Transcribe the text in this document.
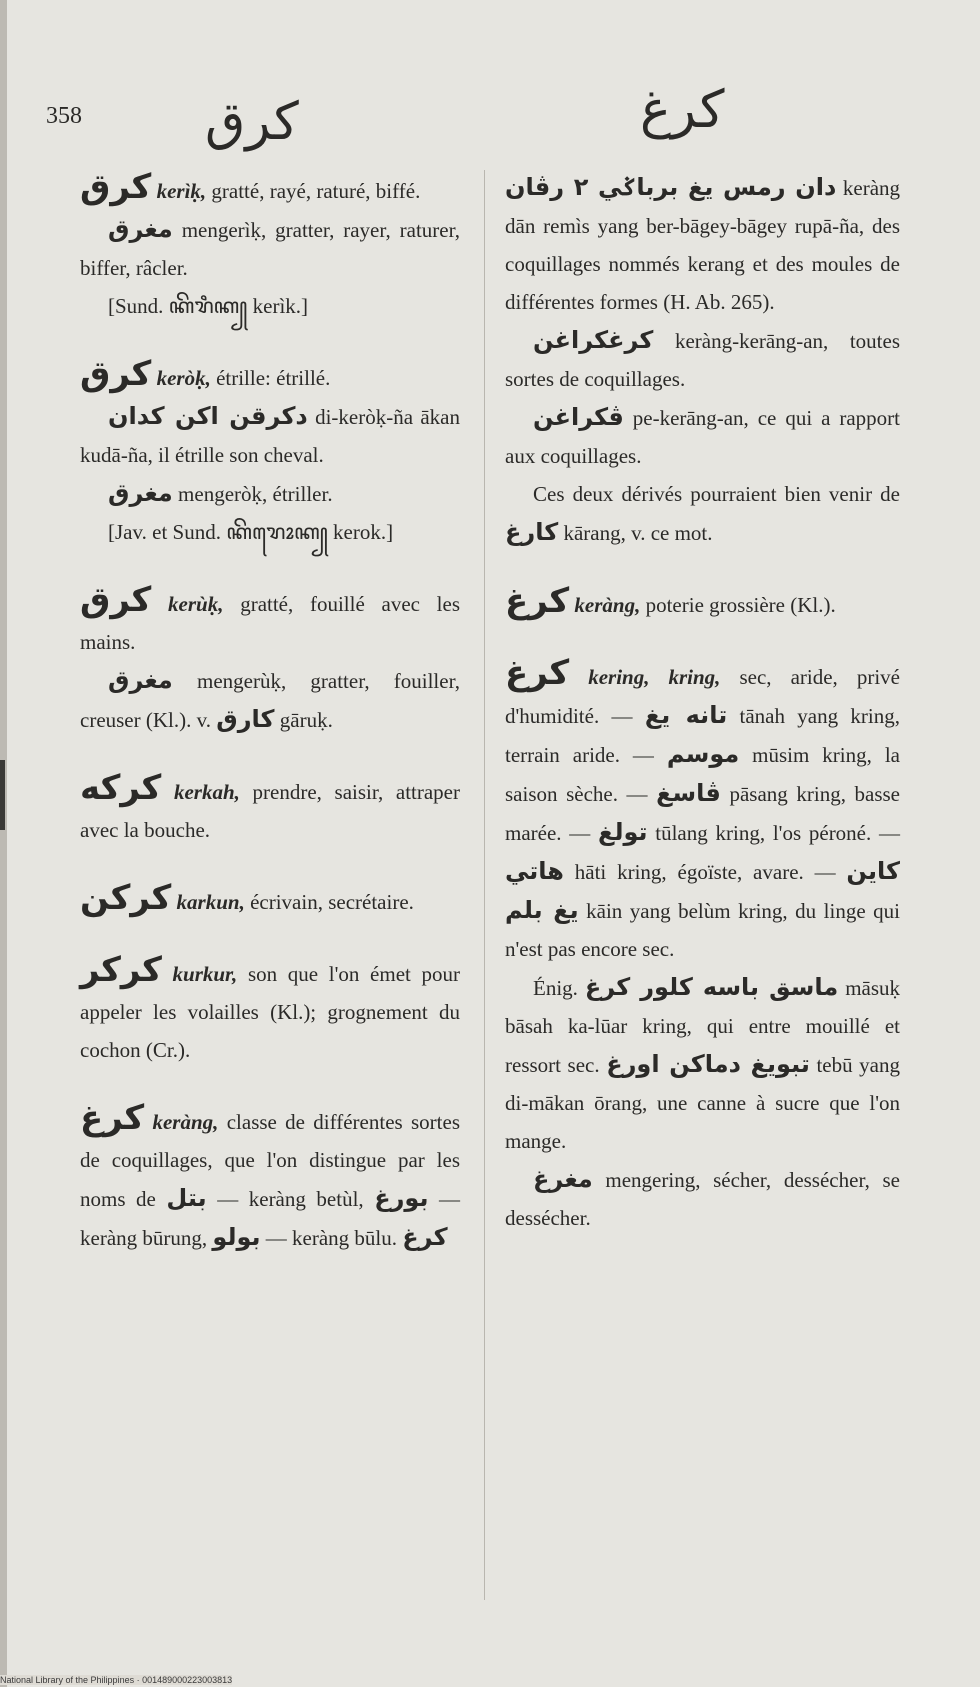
358 كرق	كرغ

كرق kerìḳ, gratté, rayé, raturé, biffé.

مغرق mengerìḳ, gratter, rayer, raturer, biffer, râcler.

[Sund. ꦏꦼꦫꦶꦏ꧀ kerìk.]

كرق keròḳ, étrille: étrillé.

دكرقن اكن كدان di-keròḳ-ña ākan kudā-ña, il étrille son cheval.

مغرق mengeròḳ, étriller.

[Jav. et Sund. ꦏꦼꦫꦺꦴꦏ꧀ kerok.]

كرق kerùḳ, gratté, fouillé avec les mains.

مغرق mengerùḳ, gratter, fouiller, creuser (Kl.). v. كارق gāruḳ.

كركه kerkah, prendre, saisir, attraper avec la bouche.

كركن karkun, écrivain, secrétaire.

كركر kurkur, son que l'on émet pour appeler les volailles (Kl.); grognement du cochon (Cr.).

كرغ keràng, classe de différentes sortes de coquillages, que l'on distingue par les noms de بتل — keràng betùl, بورغ — keràng būrung, بولو — keràng būlu. كرغ

دان رمس يغ برباݢي ٢ رڤان keràng dān remìs yang ber-bāgey-bāgey rupā-ña, des coquillages nommés kerang et des moules de différentes formes (H. Ab. 265).

كرغكراغن keràng-kerāng-an, toutes sortes de coquillages.

ڤكراغن pe-kerāng-an, ce qui a rapport aux coquillages.

Ces deux dérivés pourraient bien venir de كارغ kārang, v. ce mot.

كرغ keràng, poterie grossière (Kl.).

كرغ kering, kring, sec, aride, privé d'humidité. — تانه يغ tānah yang kring, terrain aride. — موسم mūsim kring, la saison sèche. — ڤاسغ pāsang kring, basse marée. — تولغ tūlang kring, l'os péroné. — هاتي hāti kring, égoïste, avare. — کاين يغ بلم kāin yang belùm kring, du linge qui n'est pas encore sec.

Énig. ماسق باسه کلور كرغ māsuḳ bāsah ka-lūar kring, qui entre mouillé et ressort sec. تبويغ دماكن اورغ tebū yang di-mākan ōrang, une canne à sucre que l'on mange.

مغرغ mengering, sécher, dessécher, se dessécher.

National Library of the Philippines · 001489000223003813
